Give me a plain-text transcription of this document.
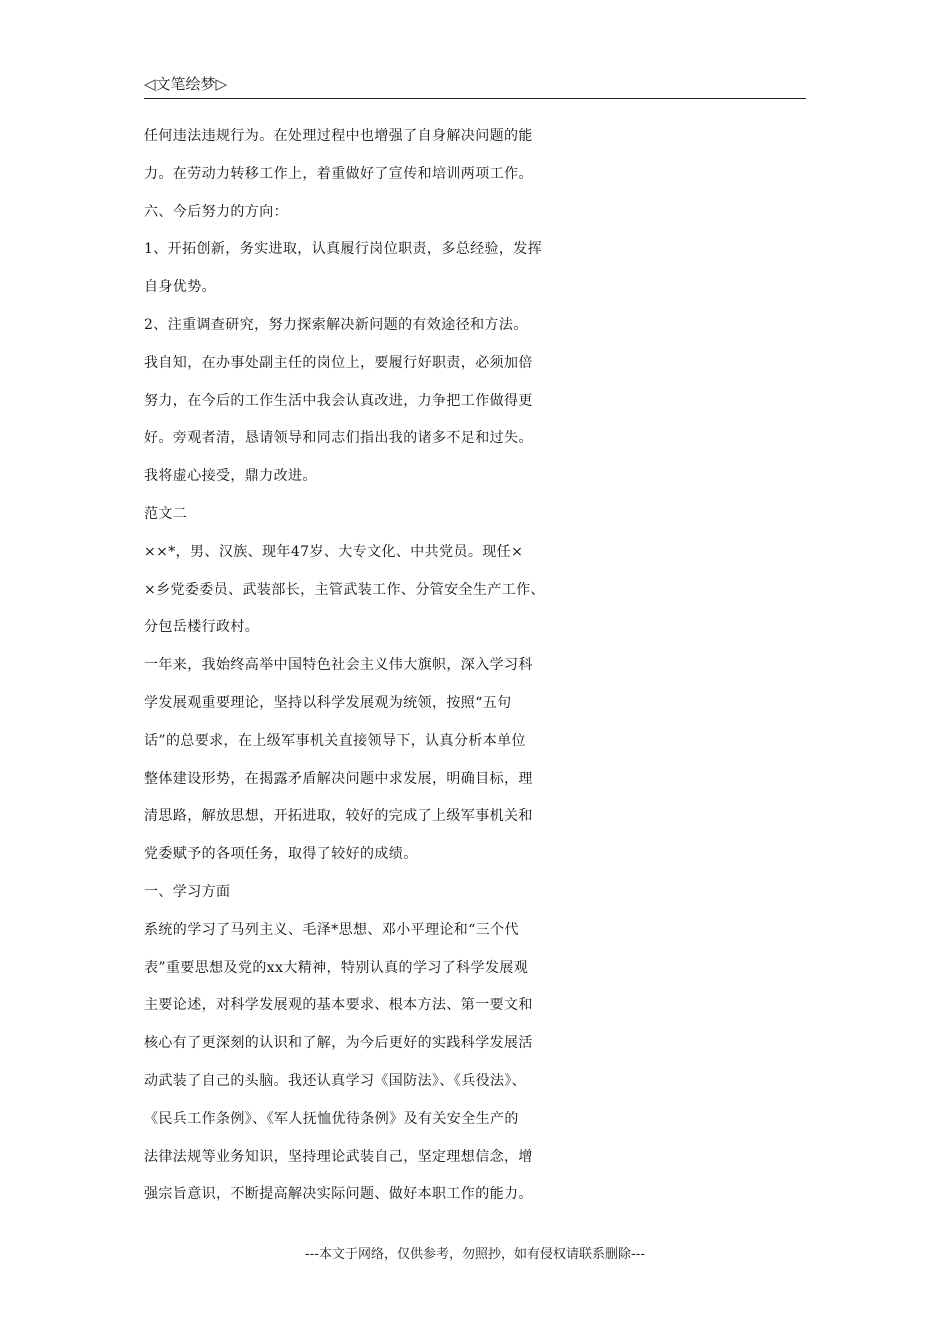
◁文笔绘梦▷
任何违法违规行为。在处理过程中也增强了自身解决问题的能
力。在劳动力转移工作上，着重做好了宣传和培训两项工作。
六、今后努力的方向：
1、开拓创新，务实进取，认真履行岗位职责，多总经验，发挥
自身优势。
2、注重调查研究，努力探索解决新问题的有效途径和方法。
我自知，在办事处副主任的岗位上，要履行好职责，必须加倍
努力，在今后的工作生活中我会认真改进，力争把工作做得更
好。旁观者清，恳请领导和同志们指出我的诸多不足和过失。
我将虚心接受，鼎力改进。
范文二
××*，男、汉族、现年47岁、大专文化、中共党员。现任×
×乡党委委员、武装部长，主管武装工作、分管安全生产工作、
分包岳楼行政村。
一年来，我始终高举中国特色社会主义伟大旗帜，深入学习科
学发展观重要理论，坚持以科学发展观为统领，按照“五句
话”的总要求，在上级军事机关直接领导下，认真分析本单位
整体建设形势，在揭露矛盾解决问题中求发展，明确目标，理
清思路，解放思想，开拓进取，较好的完成了上级军事机关和
党委赋予的各项任务，取得了较好的成绩。
一、学习方面
系统的学习了马列主义、毛泽*思想、邓小平理论和“三个代
表”重要思想及党的xx大精神，特别认真的学习了科学发展观
主要论述，对科学发展观的基本要求、根本方法、第一要文和
核心有了更深刻的认识和了解，为今后更好的实践科学发展活
动武装了自己的头脑。我还认真学习《国防法》、《兵役法》、
《民兵工作条例》、《军人抚恤优待条例》及有关安全生产的
法律法规等业务知识，坚持理论武装自己，坚定理想信念，增
强宗旨意识，不断提高解决实际问题、做好本职工作的能力。
---本文于网络，仅供参考，勿照抄，如有侵权请联系删除---
